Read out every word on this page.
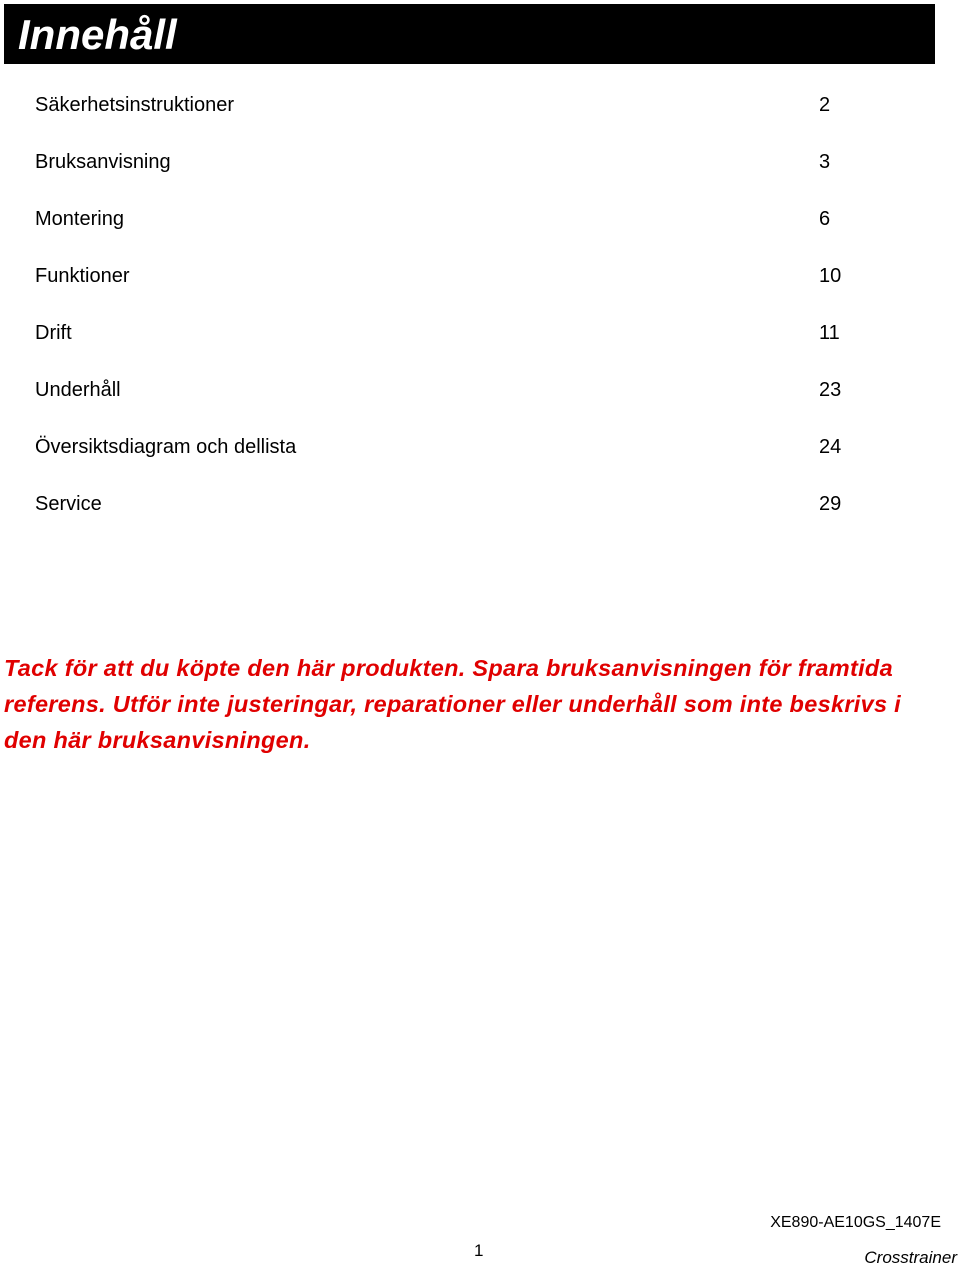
Innehåll
Säkerhetsinstruktioner	2
Bruksanvisning	3
Montering	6
Funktioner	10
Drift	11
Underhåll	23
Översiktsdiagram och dellista	24
Service	29
Tack för att du köpte den här produkten. Spara bruksanvisningen för framtida referens. Utför inte justeringar, reparationer eller underhåll som inte beskrivs i den här bruksanvisningen.
XE890-AE10GS_1407E
1	Crosstrainer
